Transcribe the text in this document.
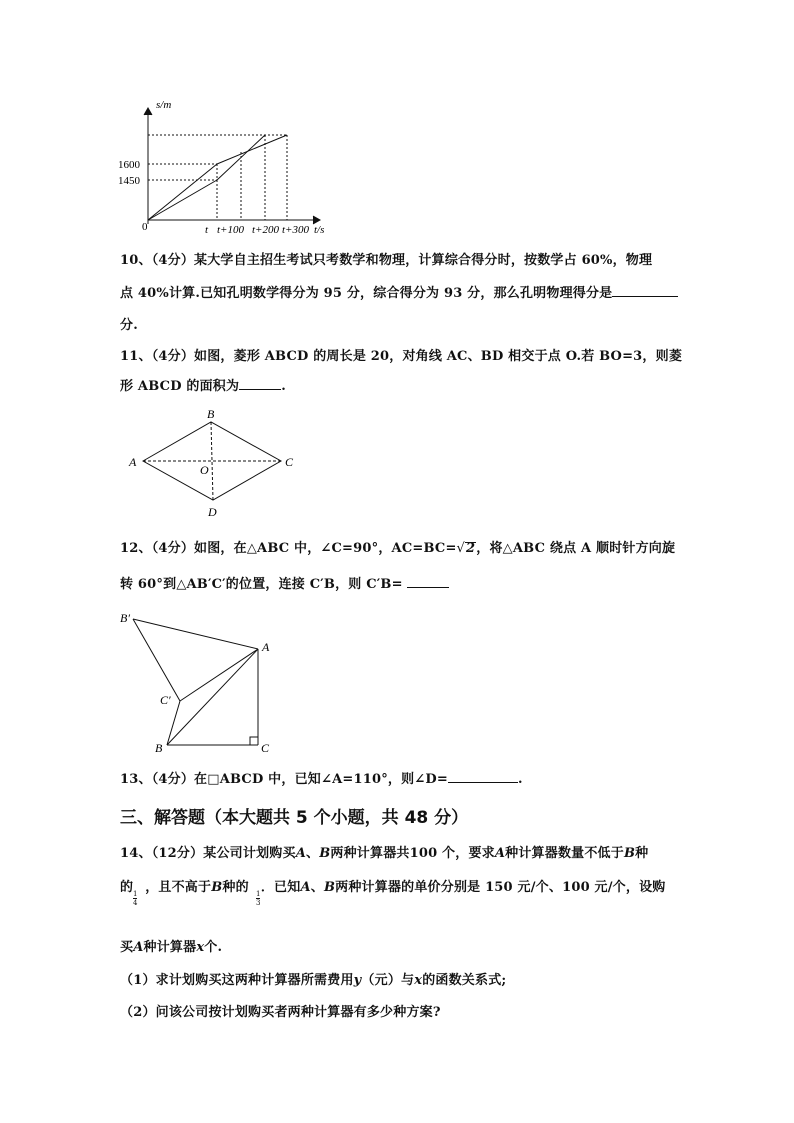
s/m
t/s
0
1600
1450
t t+100 t+200 t+300
10、（4分）某大学自主招生考试只考数学和物理，计算综合得分时，按数学占 60%，物理
点 40%计算.已知孔明数学得分为 95 分，综合得分为 93 分，那么孔明物理得分是
分.
11、（4分）如图，菱形 ABCD 的周长是 20，对角线 AC、BD 相交于点 O.若 BO=3，则菱
形 ABCD 的面积为	.
A
B
C
D
O
12、（4分）如图，在△ABC 中，∠C=90°，AC=BC=√2，将△ABC 绕点 A 顺时针方向旋
转 60°到△AB′C′的位置，连接 C′B，则 C′B=
B′
A
C′
B	C
13、（4分）在□ABCD 中，已知∠A=110°，则∠D=	.
三、解答题（本大题共 5 个小题，共 48 分）
14、（12分）某公司计划购买A、B两种计算器共100 个，要求A种计算器数量不低于B种
的 ，且不高于B种的 ．已知A、B两种计算器的单价分别是 150 元/个、100 元/个，设购
$\frac{1}{4}$	$\frac{1}{3}$
买A种计算器x个.
（1）求计划购买这两种计算器所需费用y（元）与x的函数关系式;
（2）问该公司按计划购买者两种计算器有多少种方案?
